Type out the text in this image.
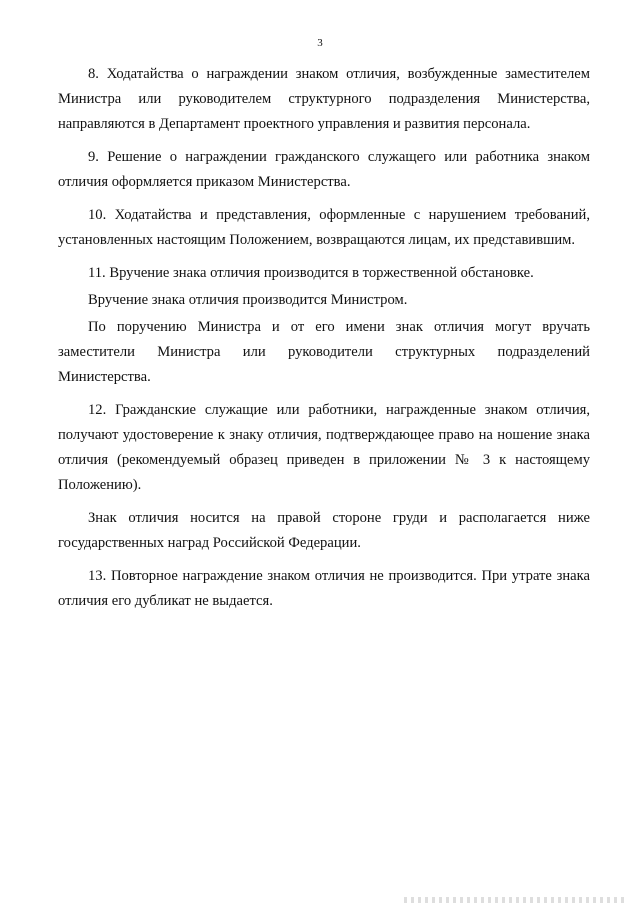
3

8. Ходатайства о награждении знаком отличия, возбужденные заместителем Министра или руководителем структурного подразделения Министерства, направляются в Департамент проектного управления и развития персонала.

9. Решение о награждении гражданского служащего или работника знаком отличия оформляется приказом Министерства.

10. Ходатайства и представления, оформленные с нарушением требований, установленных настоящим Положением, возвращаются лицам, их представившим.

11. Вручение знака отличия производится в торжественной обстановке.

Вручение знака отличия производится Министром.

По поручению Министра и от его имени знак отличия могут вручать заместители Министра или руководители структурных подразделений Министерства.

12. Гражданские служащие или работники, награжденные знаком отличия, получают удостоверение к знаку отличия, подтверждающее право на ношение знака отличия (рекомендуемый образец приведен в приложении № 3 к настоящему Положению).

Знак отличия носится на правой стороне груди и располагается ниже государственных наград Российской Федерации.

13. Повторное награждение знаком отличия не производится. При утрате знака отличия его дубликат не выдается.
